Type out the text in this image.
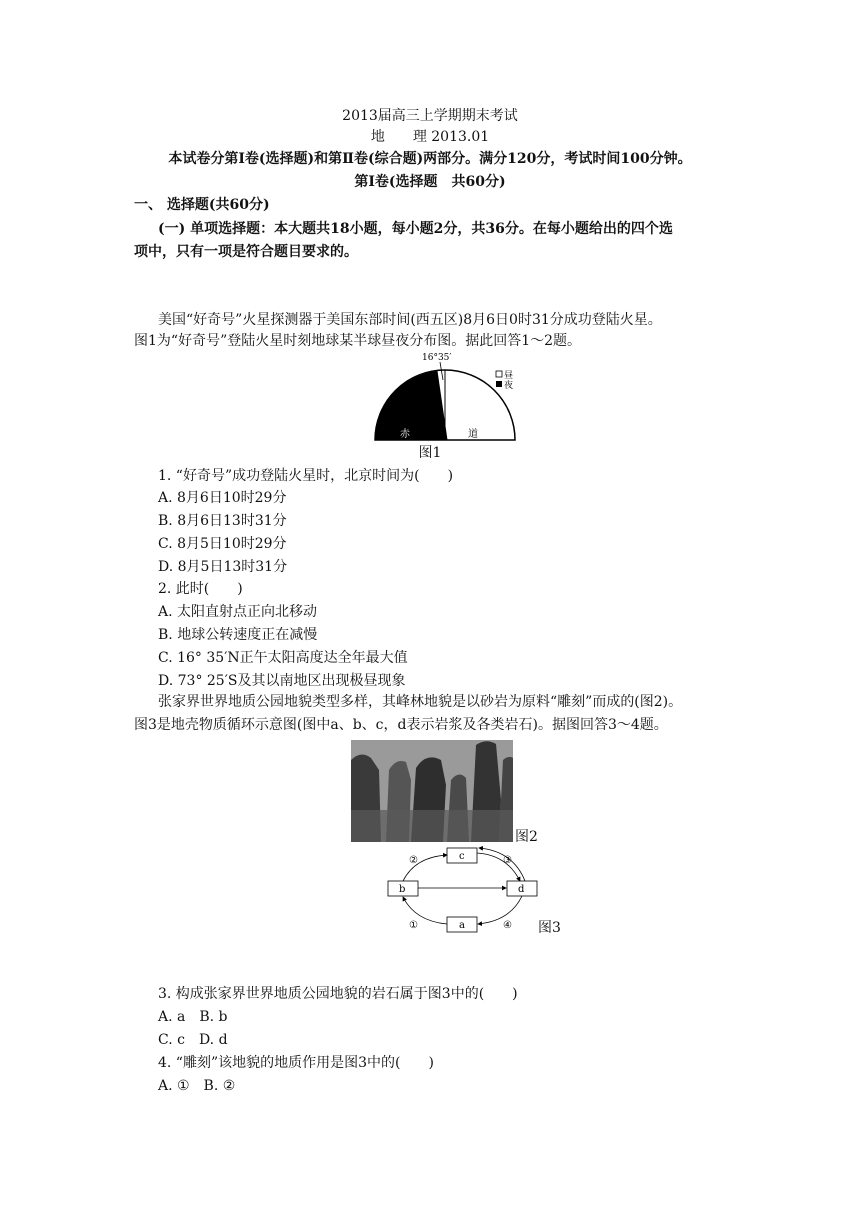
2013届高三上学期期末考试
地　　理 2013.01
本试卷分第Ⅰ卷(选择题)和第Ⅱ卷(综合题)两部分。满分120分，考试时间100分钟。
第Ⅰ卷(选择题　共60分)
一、 选择题(共60分)
(一) 单项选择题：本大题共18小题，每小题2分，共36分。在每小题给出的四个选
项中，只有一项是符合题目要求的。
美国“好奇号”火星探测器于美国东部时间(西五区)8月6日0时31分成功登陆火星。
图1为“好奇号”登陆火星时刻地球某半球昼夜分布图。据此回答1～2题。
16°35′
赤	道
昼
夜
图1
1. “好奇号”成功登陆火星时，北京时间为(　　)
A. 8月6日10时29分
B. 8月6日13时31分
C. 8月5日10时29分
D. 8月5日13时31分
2. 此时(　　)
A. 太阳直射点正向北移动
B. 地球公转速度正在减慢
C. 16° 35′N正午太阳高度达全年最大值
D. 73° 25′S及其以南地区出现极昼现象
张家界世界地质公园地貌类型多样，其峰林地貌是以砂岩为原料“雕刻”而成的(图2)。
图3是地壳物质循环示意图(图中a、b、c，d表示岩浆及各类岩石)。据图回答3～4题。
图2
c
b	d
a
②	③
①	④ 图3
3. 构成张家界世界地质公园地貌的岩石属于图3中的(　　)
A. a　B. b
C. c　D. d
4. “雕刻”该地貌的地质作用是图3中的(　　)
A. ①　B. ②
